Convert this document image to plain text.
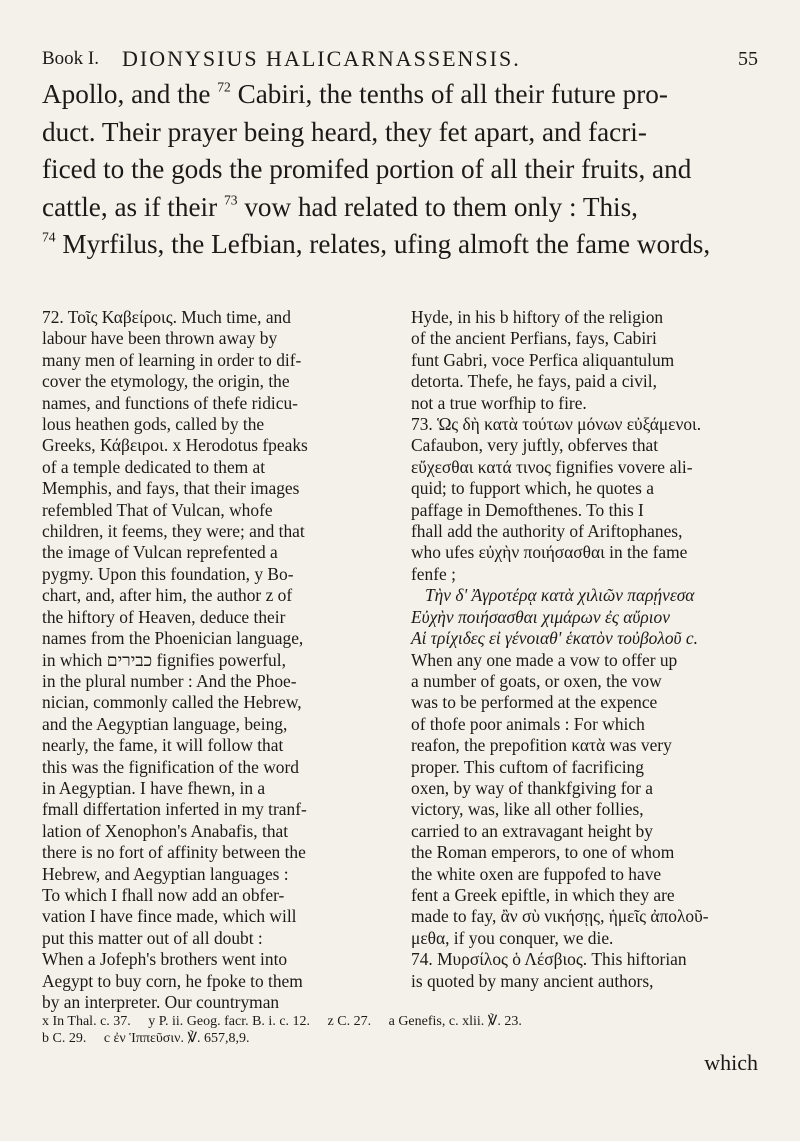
Book I. DIONYSIUS HALICARNASSENSIS.	55

Apollo, and the $^{72}$ Cabiri, the tenths of all their future pro-

duct. Their prayer being heard, they fet apart, and facri-

ficed to the gods the promifed portion of all their fruits, and

cattle, as if their $^{73}$ vow had related to them only : This,

$^{74}$ Myrfilus, the Lefbian, relates, ufing almoft the fame words,

72. Τοῖς Καβείροις. Much time, and

labour have been thrown away by

many men of learning in order to dif-

cover the etymology, the origin, the

names, and functions of thefe ridicu-

lous heathen gods, called by the

Greeks, Κάβειροι. x Herodotus fpeaks

of a temple dedicated to them at

Memphis, and fays, that their images

refembled That of Vulcan, whofe

children, it feems, they were; and that

the image of Vulcan reprefented a

pygmy. Upon this foundation, y Bo-

chart, and, after him, the author z of

the hiftory of Heaven, deduce their

names from the Phoenician language,

in which כבירים fignifies powerful,

in the plural number : And the Phoe-

nician, commonly called the Hebrew,

and the Aegyptian language, being,

nearly, the fame, it will follow that

this was the fignification of the word

in Aegyptian. I have fhewn, in a

fmall differtation inferted in my tranf-

lation of Xenophon's Anabafis, that

there is no fort of affinity between the

Hebrew, and Aegyptian languages :

To which I fhall now add an obfer-

vation I have fince made, which will

put this matter out of all doubt :

When a Jofeph's brothers went into

Aegypt to buy corn, he fpoke to them

by an interpreter. Our countryman

Hyde, in his b hiftory of the religion

of the ancient Perfians, fays, Cabiri

funt Gabri, voce Perfica aliquantulum

detorta. Thefe, he fays, paid a civil,

not a true worfhip to fire.

73. Ὡς δὴ κατὰ τούτων μόνων εὐξάμενοι.

Cafaubon, very juftly, obferves that

εὔχεσθαι κατά τινος fignifies vovere ali-

quid; to fupport which, he quotes a

paffage in Demofthenes. To this I

fhall add the authority of Ariftophanes,

who ufes εὐχὴν ποιήσασθαι in the fame

fenfe ;

Τὴν δ' Ἀγροτέρᾳ κατὰ χιλιῶν παρῄνεσα

Εὐχὴν ποιήσασθαι χιμάρων ἐς αὔριον

Αἱ τρίχιδες εἰ γένοιαθ' ἑκατὸν τοὐβολοῦ c.

When any one made a vow to offer up

a number of goats, or oxen, the vow

was to be performed at the expence

of thofe poor animals : For which

reafon, the prepofition κατὰ was very

proper. This cuftom of facrificing

oxen, by way of thankfgiving for a

victory, was, like all other follies,

carried to an extravagant height by

the Roman emperors, to one of whom

the white oxen are fuppofed to have

fent a Greek epiftle, in which they are

made to fay, ἂν σὺ νικήσῃς, ἡμεῖς ἀπολοῦ-

μεθα, if you conquer, we die.

74. Μυρσίλος ὁ Λέσβιος. This hiftorian

is quoted by many ancient authors,

x In Thal. c. 37. y P. ii. Geog. facr. B. i. c. 12. z C. 27. a Genefis, c. xlii. ℣. 23.

b C. 29. c ἐν Ἱππεῦσιν. ℣. 657,8,9.

which
